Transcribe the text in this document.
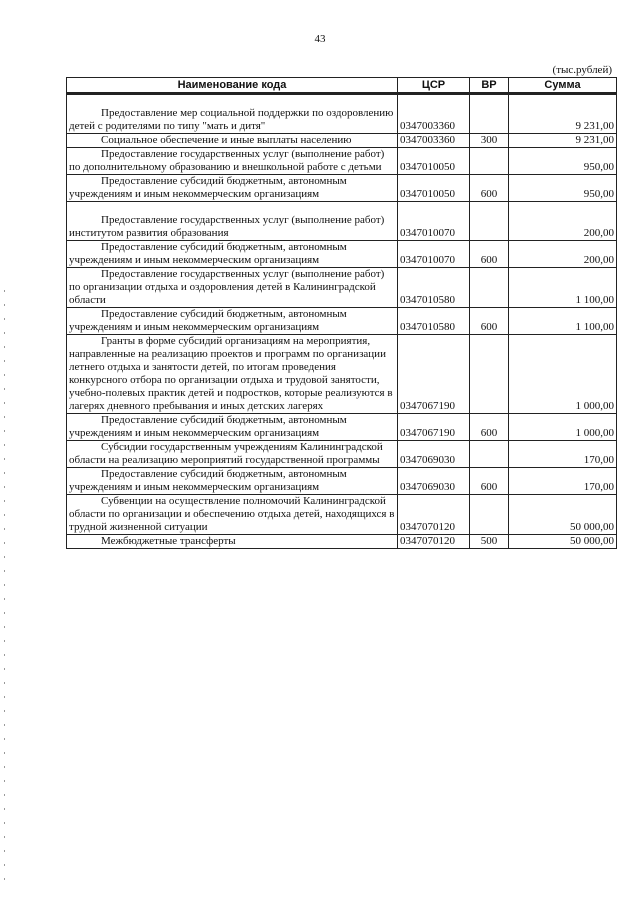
43
(тыс.рублей)
Наименование кода	ЦСР	ВР	Сумма

Предоставление мер социальной поддержки по оздоровлению детей с родителями по типу "мать и дитя"	0347003360		9 231,00

Социальное обеспечение и иные выплаты населению	0347003360	300	9 231,00

Предоставление государственных услуг (выполнение работ) по дополнительному образованию и внешкольной работе с детьми	0347010050		950,00

Предоставление субсидий бюджетным, автономным учреждениям и иным некоммерческим организациям	0347010050	600	950,00

Предоставление государственных услуг (выполнение работ) институтом развития образования	0347010070		200,00

Предоставление субсидий бюджетным, автономным учреждениям и иным некоммерческим организациям	0347010070	600	200,00

Предоставление государственных услуг (выполнение работ) по организации отдыха и оздоровления детей в Калининградской области	0347010580		1 100,00

Предоставление субсидий бюджетным, автономным учреждениям и иным некоммерческим организациям	0347010580	600	1 100,00

Гранты в форме субсидий организациям на мероприятия, направленные на реализацию проектов и программ по организации летнего отдыха и занятости детей, по итогам проведения конкурсного отбора по организации отдыха и трудовой занятости, учебно-полевых практик детей и подростков, которые реализуются в лагерях дневного пребывания и иных детских лагерях	0347067190		1 000,00

Предоставление субсидий бюджетным, автономным учреждениям и иным некоммерческим организациям	0347067190	600	1 000,00

Субсидии государственным учреждениям Калининградской области на реализацию мероприятий государственной программы	0347069030		170,00

Предоставление субсидий бюджетным, автономным учреждениям и иным некоммерческим организациям	0347069030	600	170,00

Субвенции на осуществление полномочий Калининградской области по организации и обеспечению отдыха детей, находящихся в трудной жизненной ситуации	0347070120		50 000,00

Межбюджетные трансферты	0347070120	500	50 000,00
